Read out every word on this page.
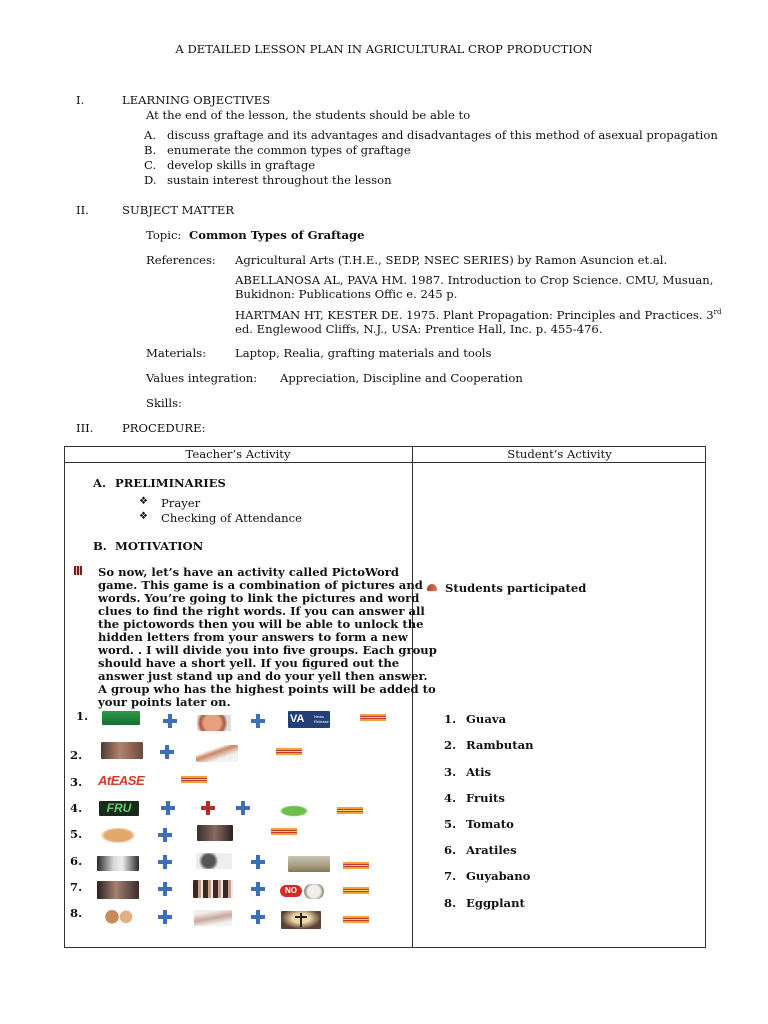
A DETAILED LESSON PLAN IN AGRICULTURAL CROP PRODUCTION
I.	LEARNING OBJECTIVES
At the end of the lesson, the students should be able to
A. discuss graftage and its advantages and disadvantages of this method of asexual propagation
B. enumerate the common types of graftage
C. develop skills in graftage
D. sustain interest throughout the lesson
II.	SUBJECT MATTER
Topic: Common Types of Graftage
References: Agricultural Arts (T.H.E., SEDP, NSEC SERIES) by Ramon Asuncion et.al.
ABELLANOSA AL, PAVA HM. 1987. Introduction to Crop Science. CMU, Musuan,
Bukidnon: Publications Offic e. 245 p.
HARTMAN HT, KESTER DE. 1975. Plant Propagation: Principles and Practices. 3rd
ed. Englewood Cliffs, N.J., USA: Prentice Hall, Inc. p. 455-476.
Materials: Laptop, Realia, grafting materials and tools
Values integration: Appreciation, Discipline and Cooperation
Skills:
III. PROCEDURE:
Teacher’s Activity	Student’s Activity
A. PRELIMINARIES
❖ Prayer
❖ Checking of Attendance
B. MOTIVATION
So now, let’s have an activity called PictoWord
game. This game is a combination of pictures and
words. You’re going to link the pictures and word
clues to find the right words. If you can answer all
the pictowords then you will be able to unlock the
hidden letters from your answers to form a new
word. . I will divide you into five groups. Each group
should have a short yell. If you figured out the
answer just stand up and do your yell then answer.
A group who has the highest points will be added to
your points later on.
1.
2.
3.
4.
5.
6.
7.
8.
VA News Release
AtEASE
FRU
NO
Students participated
1. Guava
2. Rambutan
3. Atis
4. Fruits
5. Tomato
6. Aratiles
7. Guyabano
8. Eggplant
